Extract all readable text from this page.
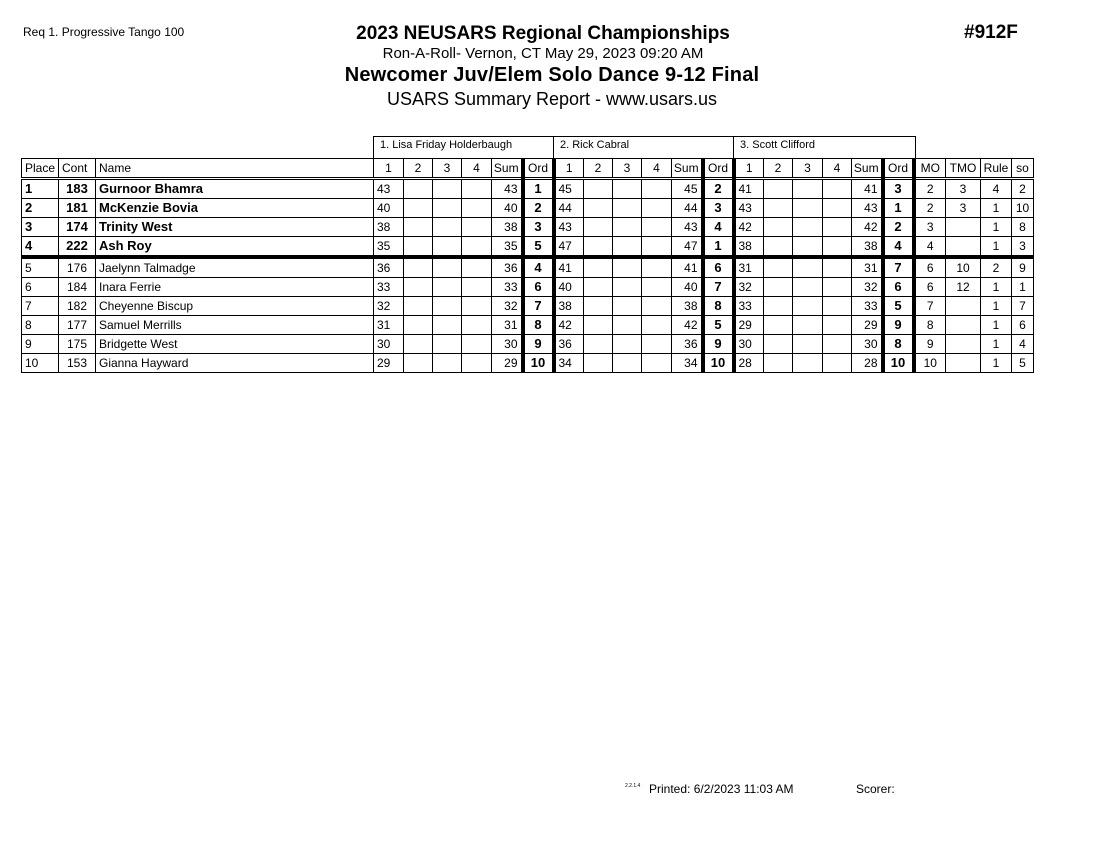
Req 1. Progressive Tango 100	#912F
2023 NEUSARS Regional Championships
Ron-A-Roll- Vernon, CT May 29, 2023 09:20 AM
Newcomer Juv/Elem Solo Dance 9-12 Final
USARS Summary Report - www.usars.us
1. Lisa Friday Holderbaugh	2. Rick Cabral	3. Scott Clifford
Place	Cont	Name	1	2	3	4	Sum	Ord	1	2	3	4	Sum	Ord	1	2	3	4	Sum	Ord	MO	TMO	Rule	so
1	183	Gurnoor Bhamra	43				43	1	45				45	2	41				41	3	2	3	4	2
2	181	McKenzie Bovia	40				40	2	44				44	3	43				43	1	2	3	1	10
3	174	Trinity West	38				38	3	43				43	4	42				42	2	3		1	8
4	222	Ash Roy	35				35	5	47				47	1	38				38	4	4		1	3
5	176	Jaelynn Talmadge	36				36	4	41				41	6	31				31	7	6	10	2	9
6	184	Inara Ferrie	33				33	6	40				40	7	32				32	6	6	12	1	1
7	182	Cheyenne Biscup	32				32	7	38				38	8	33				33	5	7		1	7
8	177	Samuel Merrills	31				31	8	42				42	5	29				29	9	8		1	6
9	175	Bridgette West	30				30	9	36				36	9	30				30	8	9		1	4
10	153	Gianna Hayward	29				29	10	34				34	10	28				28	10	10		1	5
2.2.1.4 Printed: 6/2/2023 11:03 AM	Scorer:
